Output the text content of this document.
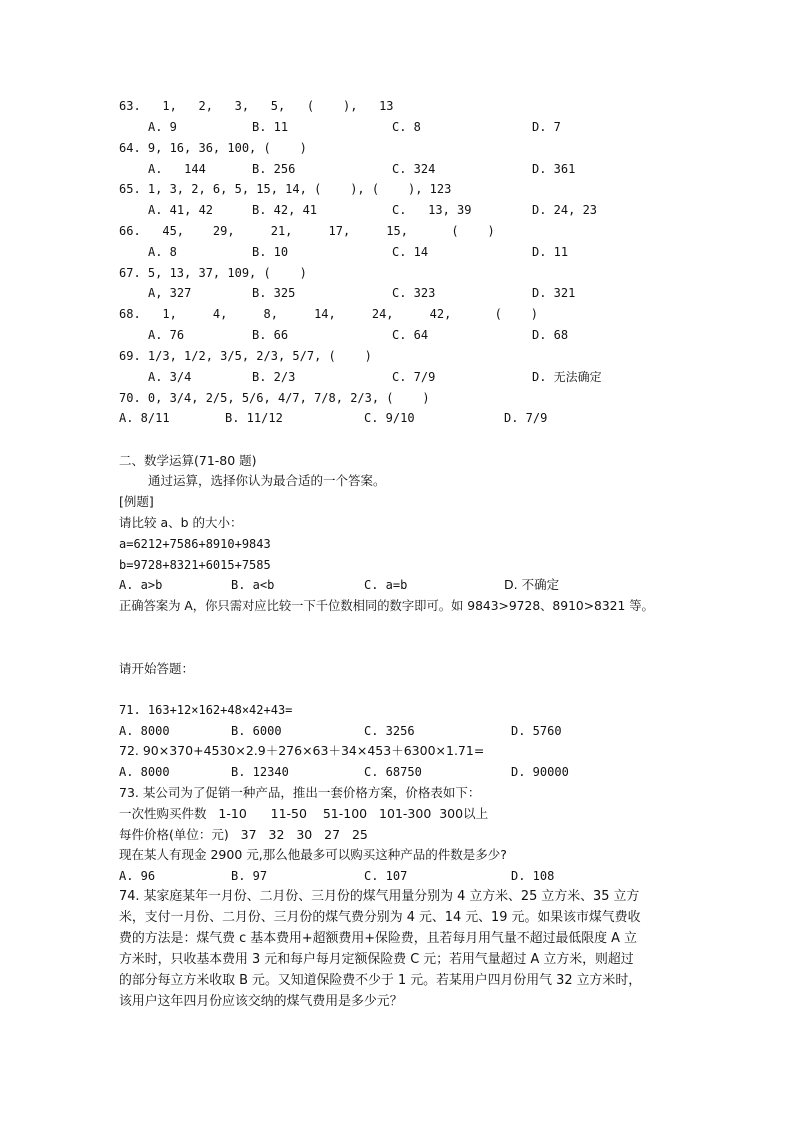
63.   1,   2,   3,   5,   (    ),   13
A. 9	B. 11	C. 8	D. 7
64. 9, 16, 36, 100, (    )
A.   144	B. 256	C. 324	D. 361
65. 1, 3, 2, 6, 5, 15, 14, (    ), (    ), 123
A. 41, 42	B. 42, 41	C.   13, 39	D. 24, 23
66.   45,    29,     21,     17,     15,      (    )
A. 8	B. 10	C. 14	D. 11
67. 5, 13, 37, 109, (    )
A, 327	B. 325	C. 323	D. 321
68.   1,     4,     8,     14,     24,     42,      (    )
A. 76	B. 66	C. 64	D. 68
69. 1/3, 1/2, 3/5, 2/3, 5/7, (    )
A. 3/4	B. 2/3	C. 7/9	D. 无法确定
70. 0, 3/4, 2/5, 5/6, 4/7, 7/8, 2/3, (    )
A. 8/11	B. 11/12	C. 9/10	D. 7/9
二、数学运算(71-80 题)
通过运算，选择你认为最合适的一个答案。
[例题]
请比较 a、b 的大小：
a=6212+7586+8910+9843
b=9728+8321+6015+7585
A. a>b	B. a<b	C. a=b	D. 不确定
正确答案为 A，你只需对应比较一下千位数相同的数字即可。如 9843>9728、8910>8321 等。
请开始答题：
71. 163+12×162+48×42+43=
A. 8000	B. 6000	C. 3256	D. 5760
72. 90×370+4530×2.9＋276×63＋34×453＋6300×1.71=
A. 8000	B. 12340	C. 68750	D. 90000
73. 某公司为了促销一种产品，推出一套价格方案，价格表如下：
一次性购买件数   1-10      11-50    51-100   101-300  300以上
每件价格(单位：元)   37   32   30   27   25
现在某人有现金 2900 元,那么他最多可以购买这种产品的件数是多少?
A. 96	B. 97	C. 107	D. 108
74. 某家庭某年一月份、二月份、三月份的煤气用量分别为 4 立方米、25 立方米、35 立方
米，支付一月份、二月份、三月份的煤气费分别为 4 元、14 元、19 元。如果该市煤气费收
费的方法是：煤气费 c 基本费用+超额费用+保险费，且若每月用气量不超过最低限度 A 立
方米时，只收基本费用 3 元和每户每月定额保险费 C 元；若用气量超过 A 立方米，则超过
的部分每立方米收取 B 元。又知道保险费不少于 1 元。若某用户四月份用气 32 立方米时，
该用户这年四月份应该交纳的煤气费用是多少元？
